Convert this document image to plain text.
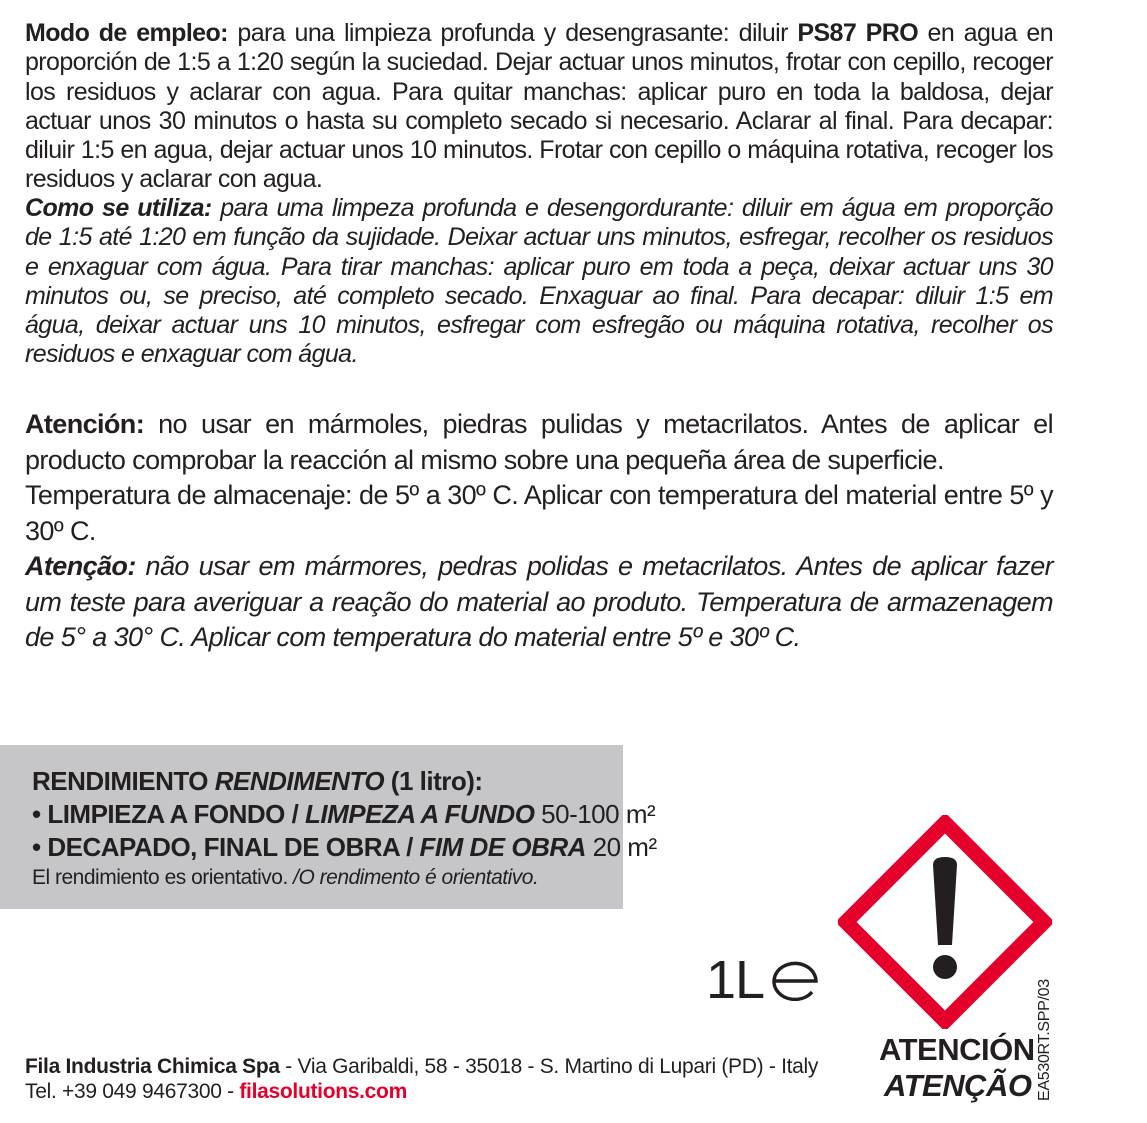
Modo de empleo: para una limpieza profunda y desengrasante: diluir PS87 PRO en agua en proporción de 1:5 a 1:20 según la suciedad. Dejar actuar unos minutos, frotar con cepillo, recoger los residuos y aclarar con agua. Para quitar manchas: aplicar puro en toda la baldosa, dejar actuar unos 30 minutos o hasta su completo secado si necesario. Aclarar al final. Para decapar: diluir 1:5 en agua, dejar actuar unos 10 minutos. Frotar con cepillo o máquina rotativa, recoger los residuos y aclarar con agua.
Como se utiliza: para uma limpeza profunda e desengordurante: diluir em água em proporção de 1:5 até 1:20 em função da sujidade. Deixar actuar uns minutos, esfregar, recolher os residuos e enxaguar com água. Para tirar manchas: aplicar puro em toda a peça, deixar actuar uns 30 minutos ou, se preciso, até completo secado. Enxaguar ao final. Para decapar: diluir 1:5 em água, deixar actuar uns 10 minutos, esfregar com esfregão ou máquina rotativa, recolher os residuos e enxaguar com água.
Atención: no usar en mármoles, piedras pulidas y metacrilatos. Antes de aplicar el producto comprobar la reacción al mismo sobre una pequeña área de superficie.
Temperatura de almacenaje: de 5º a 30º C. Aplicar con temperatura del material entre 5º y 30º C.
Atenção: não usar em mármores, pedras polidas e metacrilatos. Antes de aplicar fazer um teste para averiguar a reação do material ao produto. Temperatura de armazenagem de 5° a 30° C. Aplicar com temperatura do material entre 5º e 30º C.
RENDIMIENTO RENDIMENTO (1 litro):
• LIMPIEZA A FONDO / LIMPEZA A FUNDO 50-100 m²
• DECAPADO, FINAL DE OBRA / FIM DE OBRA 20 m²
El rendimiento es orientativo. /O rendimento é orientativo.
1L
ATENCIÓN
ATENÇÃO EA530RT.SPP/03
Fila Industria Chimica Spa - Via Garibaldi, 58 - 35018 - S. Martino di Lupari (PD) - Italy
Tel. +39 049 9467300 - filasolutions.com
